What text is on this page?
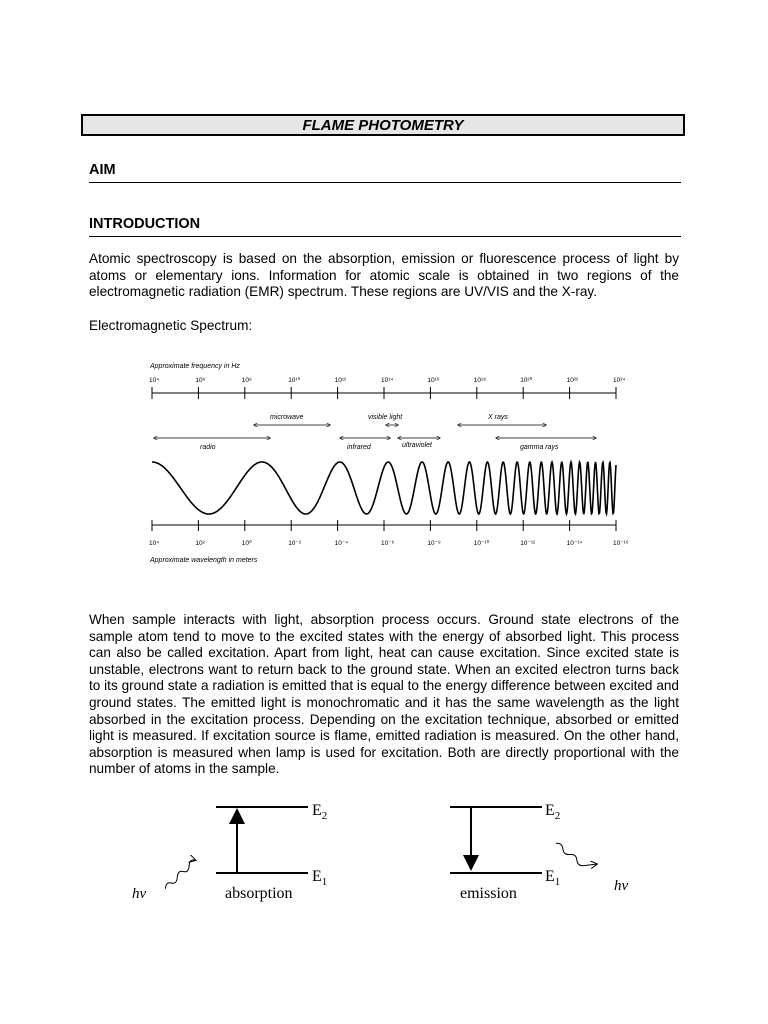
FLAME PHOTOMETRY
AIM
INTRODUCTION
Atomic spectroscopy is based on the absorption, emission or fluorescence process of light by atoms or elementary ions. Information for atomic scale is obtained in two regions of the electromagnetic radiation (EMR) spectrum. These regions are UV/VIS and the X-ray.
Electromagnetic Spectrum:
Approximate frequency in Hz
10⁴	10⁶	10⁸	10¹⁰	10¹²	10¹⁴	10¹⁶	10¹⁸	10²⁰	10²²	10²⁴
microwave	visible light	X rays
radio	infrared	ultraviolet	gamma rays
10⁴	10²	10⁰	10⁻²	10⁻⁴	10⁻⁶	10⁻⁸	10⁻¹⁰	10⁻¹²	10⁻¹⁴	10⁻¹⁶
Approximate wavelength in meters
When sample interacts with light, absorption process occurs. Ground state electrons of the sample atom tend to move to the excited states with the energy of absorbed light. This process can also be called excitation. Apart from light, heat can cause excitation. Since excited state is unstable, electrons want to return back to the ground state. When an excited electron turns back to its ground state a radiation is emitted that is equal to the energy difference between excited and ground states. The emitted light is monochromatic and it has the same wavelength as the light absorbed in the excitation process. Depending on the excitation technique, absorbed or emitted light is measured. If excitation source is flame, emitted radiation is measured. On the other hand, absorption is measured when lamp is used for excitation. Both are directly proportional with the number of atoms in the sample.
$E_2$
$E_1$
hν	absorption
$E_2$
$E_1$	hν
emission
